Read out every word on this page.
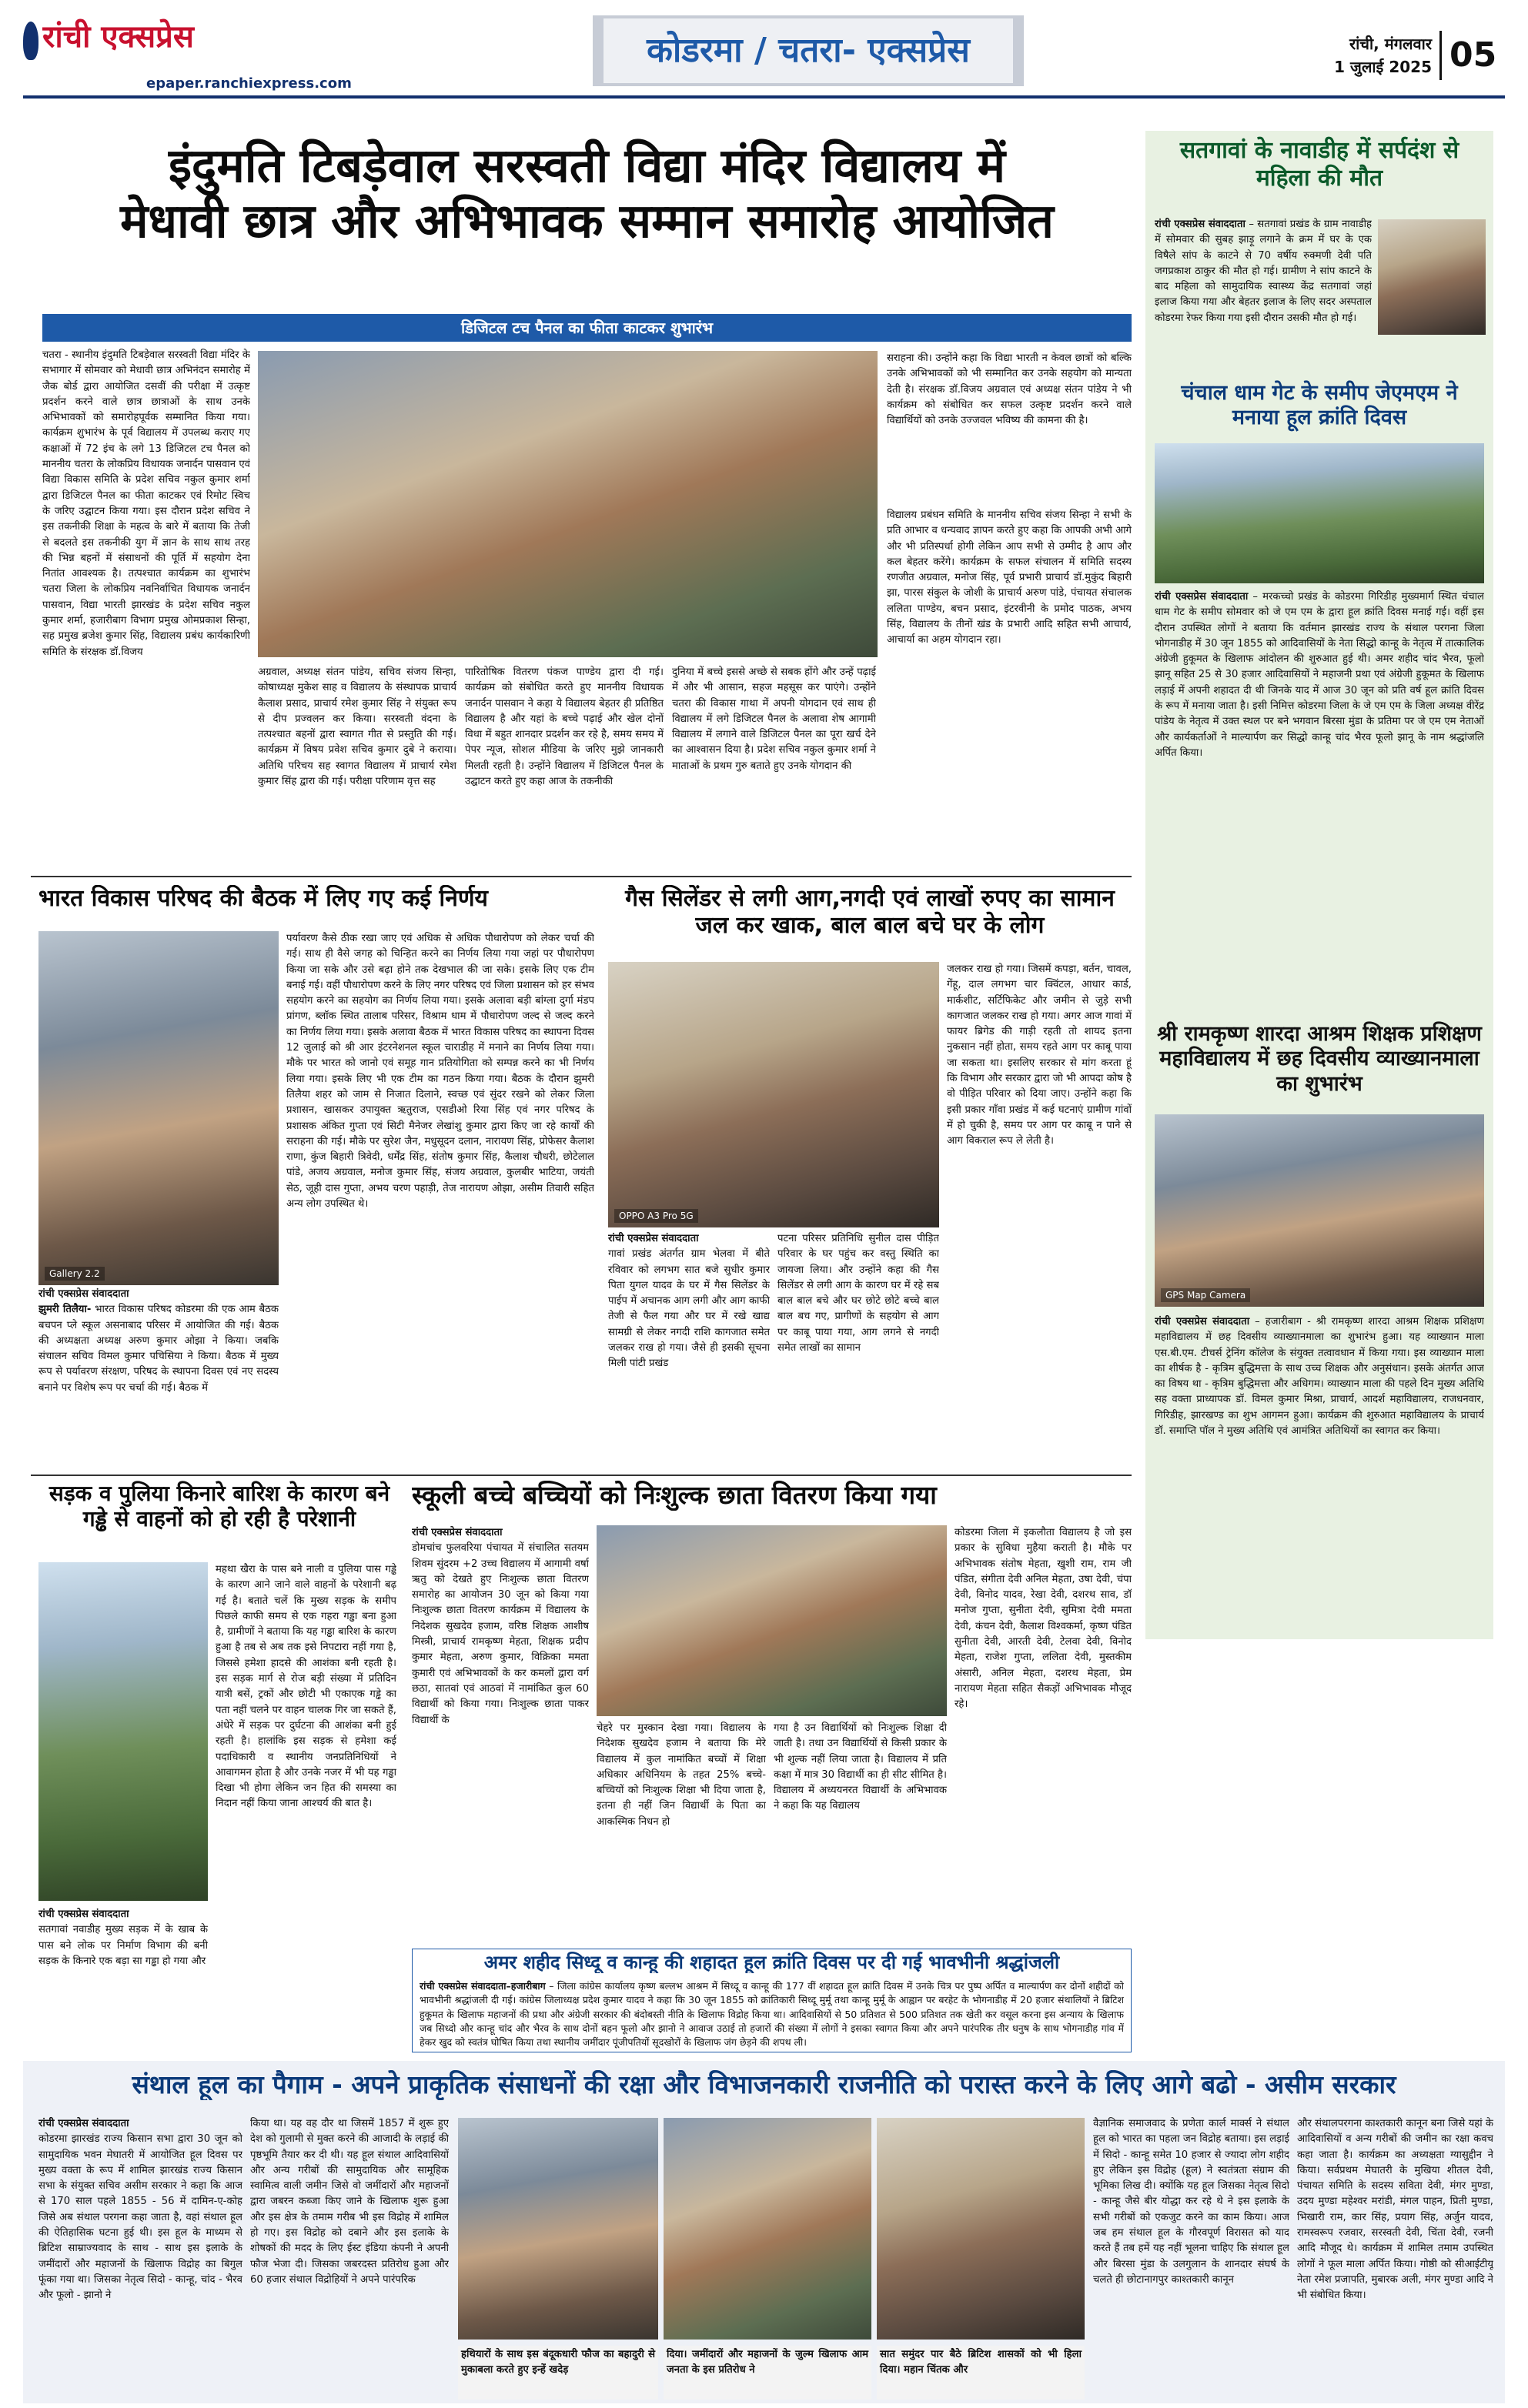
रांची एक्सप्रेस
epaper.ranchiexpress.com
कोडरमा / चतरा- एक्सप्रेस	रांची, मंगलवार
1 जुलाई 2025 05
इंदुमति टिबड़ेवाल सरस्वती विद्या मंदिर विद्यालय में
मेधावी छात्र और अभिभावक सम्मान समारोह आयोजित
डिजिटल टच पैनल का फीता काटकर शुभारंभ
चतरा - स्थानीय इंदुमति टिबड़ेवाल सरस्वती विद्या मंदिर के सभागार में सोमवार को मेधावी छात्र अभिनंदन समारोह में जैक बोर्ड द्वारा आयोजित दसवीं की परीक्षा में उत्कृष्ट प्रदर्शन करने वाले छात्र छात्राओं के साथ उनके अभिभावकों को समारोहपूर्वक सम्मानित किया गया। कार्यक्रम शुभारंभ के पूर्व विद्यालय में उपलब्ध कराए गए कक्षाओं में 72 इंच के लगे 13 डिजिटल टच पैनल को माननीय चतरा के लोकप्रिय विधायक जनार्दन पासवान एवं विद्या विकास समिति के प्रदेश सचिव नकुल कुमार शर्मा द्वारा डिजिटल पैनल का फीता काटकर एवं रिमोट स्विच के जरिए उद्घाटन किया गया। इस दौरान प्रदेश सचिव ने इस तकनीकी शिक्षा के महत्व के बारे में बताया कि तेजी से बदलते इस तकनीकी युग में ज्ञान के साथ साथ तरह की भिन्न बहनों में संसाधनों की पूर्ति में सहयोग देना नितांत आवश्यक है। तत्पश्चात कार्यक्रम का शुभारंभ चतरा जिला के लोकप्रिय नवनिर्वाचित विधायक जनार्दन पासवान, विद्या भारती झारखंड के प्रदेश सचिव नकुल कुमार शर्मा, हजारीबाग विभाग प्रमुख ओमप्रकाश सिन्हा, सह प्रमुख ब्रजेश कुमार सिंह, विद्यालय प्रबंध कार्यकारिणी समिति के संरक्षक डॉ.विजय
अग्रवाल, अध्यक्ष संतन पांडेय, सचिव संजय सिन्हा, कोषाध्यक्ष मुकेश साह व विद्यालय के संस्थापक प्राचार्य कैलाश प्रसाद, प्राचार्य रमेश कुमार सिंह ने संयुक्त रूप से दीप प्रज्वलन कर किया। सरस्वती वंदना के तत्पश्चात बहनों द्वारा स्वागत गीत से प्रस्तुति की गई। कार्यक्रम में विषय प्रवेश सचिव कुमार दुबे ने कराया। अतिथि परिचय सह स्वागत विद्यालय में प्राचार्य रमेश कुमार सिंह द्वारा की गई। परीक्षा परिणाम वृत्त सह
पारितोषिक वितरण पंकज पाण्डेय द्वारा दी गई। कार्यक्रम को संबोधित करते हुए माननीय विधायक जनार्दन पासवान ने कहा ये विद्यालय बेहतर ही प्रतिष्ठित विद्यालय है और यहां के बच्चे पढ़ाई और खेल दोनों विधा में बहुत शानदार प्रदर्शन कर रहे है, समय समय में पेपर न्यूज, सोशल मीडिया के जरिए मुझे जानकारी मिलती रहती है। उन्होंने विद्यालय में डिजिटल पैनल के उद्घाटन करते हुए कहा आज के तकनीकी
दुनिया में बच्चे इससे अच्छे से सबक होंगे और उन्हें पढ़ाई में और भी आसान, सहज महसूस कर पाएंगे। उन्होंने चतरा की विकास गाथा में अपनी योगदान एवं साथ ही विद्यालय में लगे डिजिटल पैनल के अलावा शेष आगामी विद्यालय में लगाने वाले डिजिटल पैनल का पूरा खर्च देने का आश्वासन दिया है। प्रदेश सचिव नकुल कुमार शर्मा ने माताओं के प्रथम गुरु बताते हुए उनके योगदान की
सराहना की। उन्होंने कहा कि विद्या भारती न केवल छात्रों को बल्कि उनके अभिभावकों को भी सम्मानित कर उनके सहयोग को मान्यता देती है। संरक्षक डॉ.विजय अग्रवाल एवं अध्यक्ष संतन पांडेय ने भी कार्यक्रम को संबोधित कर सफल उत्कृष्ट प्रदर्शन करने वाले विद्यार्थियों को उनके उज्जवल भविष्य की कामना की है।
विद्यालय प्रबंधन समिति के माननीय सचिव संजय सिन्हा ने सभी के प्रति आभार व धन्यवाद ज्ञापन करते हुए कहा कि आपकी अभी आगे और भी प्रतिस्पर्धा होगी लेकिन आप सभी से उम्मीद है आप और कल बेहतर करेंगे। कार्यक्रम के सफल संचालन में समिति सदस्य रणजीत अग्रवाल, मनोज सिंह, पूर्व प्रभारी प्राचार्य डॉ.मुकुंद बिहारी झा, पारस संकुल के जोशी के प्राचार्य अरुण पांडे, पंचायत संचालक ललिता पाण्डेय, बचन प्रसाद, इंटरवीनी के प्रमोद पाठक, अभय सिंह, विद्यालय के तीनों खंड के प्रभारी आदि सहित सभी आचार्य, आचार्या का अहम योगदान रहा।
सतगावां के नावाडीह में सर्पदंश से महिला की मौत
रांची एक्सप्रेस संवाददाता – सतगावां प्रखंड के ग्राम नावाडीह में सोमवार की सुबह झाड़ू लगाने के क्रम में घर के एक विषैले सांप के काटने से 70 वर्षीय रुक्मणी देवी पति जगप्रकाश ठाकुर की मौत हो गई। ग्रामीण ने सांप काटने के बाद महिला को सामुदायिक स्वास्थ्य केंद्र सतगावां जहां इलाज किया गया और बेहतर इलाज के लिए सदर अस्पताल कोडरमा रेफर किया गया इसी दौरान उसकी मौत हो गई।
चंचाल धाम गेट के समीप जेएमएम ने मनाया हूल क्रांति दिवस
रांची एक्सप्रेस संवाददाता – मरकच्चो प्रखंड के कोडरमा गिरिडीह मुख्यमार्ग स्थित चंचाल धाम गेट के समीप सोमवार को जे एम एम के द्वारा हूल क्रांति दिवस मनाई गई। वहीं इस दौरान उपस्थित लोगों ने बताया कि वर्तमान झारखंड राज्य के संथाल परगना जिला भोगनाडीह में 30 जून 1855 को आदिवासियों के नेता सिद्धो कान्हू के नेतृत्व में तात्कालिक अंग्रेजी हुकूमत के खिलाफ आंदोलन की शुरुआत हुई थी। अमर शहीद चांद भैरव, फूलो झानू सहित 25 से 30 हजार आदिवासियों ने महाजनी प्रथा एवं अंग्रेजी हुकूमत के खिलाफ लड़ाई में अपनी शहादत दी थी जिनके याद में आज 30 जून को प्रति वर्ष हूल क्रांति दिवस के रूप में मनाया जाता है। इसी निमित्त कोडरमा जिला के जे एम एम के जिला अध्यक्ष वीरेंद्र पांडेय के नेतृत्व में उक्त स्थल पर बने भगवान बिरसा मुंडा के प्रतिमा पर जे एम एम नेताओं और कार्यकर्ताओं ने माल्यार्पण कर सिद्धो कान्हू चांद भैरव फूलो झानू के नाम श्रद्धांजलि अर्पित किया।
श्री रामकृष्ण शारदा आश्रम शिक्षक प्रशिक्षण महाविद्यालय में छह दिवसीय व्याख्यानमाला का शुभारंभ
GPS Map Camera
रांची एक्सप्रेस संवाददाता – हजारीबाग - श्री रामकृष्ण शारदा आश्रम शिक्षक प्रशिक्षण महाविद्यालय में छह दिवसीय व्याख्यानमाला का शुभारंभ हुआ। यह व्याख्यान माला एस.बी.एम. टीचर्स ट्रेनिंग कॉलेज के संयुक्त तत्वावधान में किया गया। इस व्याख्यान माला का शीर्षक है - कृत्रिम बुद्धिमत्ता के साथ उच्च शिक्षक और अनुसंधान। इसके अंतर्गत आज का विषय था - कृत्रिम बुद्धिमत्ता और अधिगम। व्याख्यान माला की पहले दिन मुख्य अतिथि सह वक्ता प्राध्यापक डॉ. विमल कुमार मिश्रा, प्राचार्य, आदर्श महाविद्यालय, राजधनवार, गिरिडीह, झारखण्ड का शुभ आगमन हुआ। कार्यक्रम की शुरुआत महाविद्यालय के प्राचार्य डॉ. समाप्ति पॉल ने मुख्य अतिथि एवं आमंत्रित अतिथियों का स्वागत कर किया।
भारत विकास परिषद की बैठक में लिए गए कई निर्णय
Gallery 2.2
रांची एक्सप्रेस संवाददाता
झुमरी तिलैया- भारत विकास परिषद कोडरमा की एक आम बैठक बचपन प्ले स्कूल असनाबाद परिसर में आयोजित की गई। बैठक की अध्यक्षता अध्यक्ष अरुण कुमार ओझा ने किया। जबकि संचालन सचिव विमल कुमार पचिसिया ने किया। बैठक में मुख्य रूप से पर्यावरण संरक्षण, परिषद के स्थापना दिवस एवं नए सदस्य बनाने पर विशेष रूप पर चर्चा की गई। बैठक में
पर्यावरण कैसे ठीक रखा जाए एवं अधिक से अधिक पौधारोपण को लेकर चर्चा की गई। साथ ही वैसे जगह को चिन्हित करने का निर्णय लिया गया जहां पर पौधारोपण किया जा सके और उसे बढ़ा होने तक देखभाल की जा सके। इसके लिए एक टीम बनाई गई। वहीं पौधारोपण करने के लिए नगर परिषद एवं जिला प्रशासन को हर संभव सहयोग करने का सहयोग का निर्णय लिया गया। इसके अलावा बड़ी बांग्ला दुर्गा मंडप प्रांगण, ब्लॉक स्थित तालाब परिसर, विश्राम धाम में पौधारोपण जल्द से जल्द करने का निर्णय लिया गया। इसके अलावा बैठक में भारत विकास परिषद का स्थापना दिवस 12 जुलाई को श्री आर इंटरनेशनल स्कूल चाराडीह में मनाने का निर्णय लिया गया। मौके पर भारत को जानो एवं समूह गान प्रतियोगिता को सम्पन्न करने का भी निर्णय लिया गया। इसके लिए भी एक टीम का गठन किया गया। बैठक के दौरान झुमरी तिलैया शहर को जाम से निजात दिलाने, स्वच्छ एवं सुंदर रखने को लेकर जिला प्रशासन, खासकर उपायुक्त ऋतुराज, एसडीओ रिया सिंह एवं नगर परिषद के प्रशासक अंकित गुप्ता एवं सिटी मैनेजर लेखांशु कुमार द्वारा किए जा रहे कार्यों की सराहना की गई। मौके पर सुरेश जैन, मधुसूदन दलान, नारायण सिंह, प्रोफेसर कैलाश राणा, कुंज बिहारी त्रिवेदी, धर्मेंद्र सिंह, संतोष कुमार सिंह, कैलाश चौधरी, छोटेलाल पांडे, अजय अग्रवाल, मनोज कुमार सिंह, संजय अग्रवाल, कुलबीर भाटिया, जयंती सेठ, जूही दास गुप्ता, अभय चरण पहाड़ी, तेज नारायण ओझा, असीम तिवारी सहित अन्य लोग उपस्थित थे।
गैस सिलेंडर से लगी आग,नगदी एवं लाखों रुपए का सामान जल कर खाक, बाल बाल बचे घर के लोग
OPPO A3 Pro 5G
रांची एक्सप्रेस संवाददाता
गावां प्रखंड अंतर्गत ग्राम भेलवा में बीते रविवार को लगभग सात बजे सुधीर कुमार पिता युगल यादव के घर में गैस सिलेंडर के पाईप में अचानक आग लगी और आग काफी तेजी से फैल गया और घर में रखे खाद्य सामग्री से लेकर नगदी राशि कागजात समेत जलकर राख हो गया। जैसे ही इसकी सूचना मिली पांटी प्रखंड
पटना परिसर प्रतिनिधि सुनील दास पीड़ित परिवार के घर पहुंच कर वस्तु स्थिति का जायजा लिया। और उन्होंने कहा की गैस सिलेंडर से लगी आग के कारण घर में रहे सब बाल बाल बचे और घर छोटे छोटे बच्चे बाल बाल बच गए, प्रागीणों के सहयोग से आग पर काबू पाया गया, आग लगने से नगदी समेत लाखों का सामान
जलकर राख हो गया। जिसमें कपड़ा, बर्तन, चावल, गेंहू, दाल लगभग चार क्विंटल, आधार कार्ड, मार्कशीट, सर्टिफिकेट और जमीन से जुड़े सभी कागजात जलकर राख हो गया। अगर आज गावां में फायर ब्रिगेड की गाड़ी रहती तो शायद इतना नुकसान नहीं होता, समय रहते आग पर काबू पाया जा सकता था। इसलिए सरकार से मांग करता हूं कि विभाग और सरकार द्वारा जो भी आपदा कोष है वो पीड़ित परिवार को दिया जाए। उन्होंने कहा कि इसी प्रकार गाँवा प्रखंड में कई घटनाएं ग्रामीण गांवों में हो चुकी है, समय पर आग पर काबू न पाने से आग विकराल रूप ले लेती है।
सड़क व पुलिया किनारे बारिश के कारण बने गड्ढे से वाहनों को हो रही है परेशानी
रांची एक्सप्रेस संवाददाता
सतगावां नवाडीह मुख्य सड़क में के खाब के पास बने लोक पर निर्माण विभाग की बनी सड़क के किनारे एक बड़ा सा गड्ढा हो गया और
महथा खैरा के पास बने नाली व पुलिया पास गड्ढे के कारण आने जाने वाले वाहनों के परेशानी बढ़ गई है। बताते चलें कि मुख्य सड़क के समीप पिछले काफी समय से एक गहरा गड्ढा बना हुआ है, ग्रामीणों ने बताया कि यह गड्ढा बारिश के कारण हुआ है तब से अब तक इसे निपटारा नहीं गया है, जिससे हमेशा हादसे की आशंका बनी रहती है। इस सड़क मार्ग से रोज बड़ी संख्या में प्रतिदिन यात्री बसें, ट्रकों और छोटी भी एकाएक गड्ढे का पता नहीं चलने पर वाहन चालक गिर जा सकते हैं, अंधेरे में सड़क पर दुर्घटना की आशंका बनी हुई रहती है। हालांकि इस सड़क से हमेशा कई पदाधिकारी व स्थानीय जनप्रतिनिधियों ने आवागमन होता है और उनके नजर में भी यह गड्ढा दिखा भी होगा लेकिन जन हित की समस्या का निदान नहीं किया जाना आश्चर्य की बात है।
स्कूली बच्चे बच्चियों को निःशुल्क छाता वितरण किया गया
रांची एक्सप्रेस संवाददाता
डोमचांच फुलवरिया पंचायत में संचालित सतयम शिवम सुंदरम +2 उच्च विद्यालय में आगामी वर्षा ऋतु को देखते हुए निःशुल्क छाता वितरण समारोह का आयोजन 30 जून को किया गया निःशुल्क छाता वितरण कार्यक्रम में विद्यालय के निदेशक सुखदेव हजाम, वरिष्ठ शिक्षक आशीष मिस्त्री, प्राचार्य रामकृष्ण मेहता, शिक्षक प्रदीप कुमार मेहता, अरुण कुमार, विक्रिका ममता कुमारी एवं अभिभावकों के कर कमलों द्वारा वर्ग छठा, सातवां एवं आठवां में नामांकित कुल 60 विद्यार्थी को किया गया। निःशुल्क छाता पाकर विद्यार्थी के
चेहरे पर मुस्कान देखा गया। विद्यालय के निदेशक सुखदेव हजाम ने बताया कि मेरे विद्यालय में कुल नामांकित बच्चों में शिक्षा अधिकार अधिनियम के तहत 25% बच्चे-बच्चियों को निःशुल्क शिक्षा भी दिया जाता है, इतना ही नहीं जिन विद्यार्थी के पिता का आकस्मिक निधन हो
गया है उन विद्यार्थियों को निःशुल्क शिक्षा दी जाती है। तथा उन विद्यार्थियों से किसी प्रकार के भी शुल्क नहीं लिया जाता है। विद्यालय में प्रति कक्षा में मात्र 30 विद्यार्थी का ही सीट सीमित है। विद्यालय में अध्ययनरत विद्यार्थी के अभिभावक ने कहा कि यह विद्यालय
कोडरमा जिला में इकलौता विद्यालय है जो इस प्रकार के सुविधा मुहैया कराती है। मौके पर अभिभावक संतोष मेहता, खुशी राम, राम जी पंडित, संगीता देवी अनिल मेहता, उषा देवी, चंपा देवी, विनोद यादव, रेखा देवी, दशरथ साव, डॉ मनोज गुप्ता, सुनीता देवी, सुमित्रा देवी ममता देवी, कंचन देवी, कैलाश विश्वकर्मा, कृष्ण पंडित सुनीता देवी, आरती देवी, टेलवा देवी, विनोद मेहता, राजेश गुप्ता, ललिता देवी, मुस्तकीम अंसारी, अनिल मेहता, दशरथ मेहता, प्रेम नारायण मेहता सहित सैकड़ों अभिभावक मौजूद रहे।
अमर शहीद सिध्दू व कान्हू की शहादत हूल क्रांति दिवस पर दी गई भावभीनी श्रद्धांजली
रांची एक्सप्रेस संवाददाता–हजारीबाग – जिला कांग्रेस कार्यालय कृष्ण बल्लभ आश्रम में सिध्दू व कान्हू की 177 वीं शहादत हूल क्रांति दिवस में उनके चित्र पर पुष्प अर्पित व माल्यार्पण कर दोनों शहीदों को भावभीनी श्रद्धांजली दी गई। कांग्रेस जिलाध्यक्ष प्रदेश कुमार यादव ने कहा कि 30 जून 1855 को क्रांतिकारी सिध्दू मुर्मू तथा कान्हू मुर्मू के आह्वान पर बरहेट के भोगनाडीह में 20 हजार संथालियों ने ब्रिटिश हुकूमत के खिलाफ महाजनों की प्रथा और अंग्रेजी सरकार की बंदोबस्ती नीति के खिलाफ विद्रोह किया था। आदिवासियों से 50 प्रतिशत से 500 प्रतिशत तक खेती कर वसूल करना इस अन्याय के खिलाफ जब सिध्दो और कान्हू चांद और भैरव के साथ दोनों बहन फूलो और झानो ने आवाज उठाई तो हजारों की संख्या में लोगों ने इसका स्वागत किया और अपने पारंपरिक तीर धनुष के साथ भोगनाडीह गांव में हेकर खुद को स्वतंत्र घोषित किया तथा स्थानीय जमींदार पूंजीपतियों सूदखोरों के खिलाफ जंग छेड़ने की शपथ ली।
संथाल हूल का पैगाम - अपने प्राकृतिक संसाधनों की रक्षा और विभाजनकारी राजनीति को परास्त करने के लिए आगे बढो - असीम सरकार
रांची एक्सप्रेस संवाददाता
कोडरमा झारखंड राज्य किसान सभा द्वारा 30 जून को सामुदायिक भवन मेघातरी में आयोजित हूल दिवस पर मुख्य वक्ता के रूप में शामिल झारखंड राज्य किसान सभा के संयुक्त सचिव असीम सरकार ने कहा कि आज से 170 साल पहले 1855 - 56 में दामिन-ए-कोह जिसे अब संथाल परगना कहा जाता है, वहां संथाल हूल की ऐतिहासिक घटना हुई थी। इस हूल के माध्यम से ब्रिटिश साम्राज्यवाद के साथ - साथ इस इलाके के जमींदारों और महाजनों के खिलाफ विद्रोह का बिगुल फूंका गया था। जिसका नेतृत्व सिदो - कान्हू, चांद - भैरव और फूलो - झानो ने
किया था। यह वह दौर था जिसमें 1857 में शुरू हुए देश को गुलामी से मुक्त करने की आजादी के लड़ाई की पृष्ठभूमि तैयार कर दी थी। यह हूल संथाल आदिवासियों और अन्य गरीबों की सामुदायिक और सामूहिक स्वामित्व वाली जमीन जिसे वो जमींदारों और महाजनों द्वारा जबरन कब्जा किए जाने के खिलाफ शुरू हुआ और इस क्षेत्र के तमाम गरीब भी इस विद्रोह में शामिल हो गए। इस विद्रोह को दबाने और इस इलाके के शोषकों की मदद के लिए ईस्ट इंडिया कंपनी ने अपनी फौज भेजा दी। जिसका जबरदस्त प्रतिरोध हुआ और 60 हजार संथाल विद्रोहियों ने अपने पारंपरिक
हथियारों के साथ इस बंदूकधारी फौज का बहादुरी से मुकाबला करते हुए इन्हें खदेड़
दिया। जमींदारों और महाजनों के जुल्म खिलाफ आम जनता के इस प्रतिरोध ने
सात समुंदर पार बैठे ब्रिटिश शासकों को भी हिला दिया। महान चिंतक और
वैज्ञानिक समाजवाद के प्रणेता कार्ल मार्क्स ने संथाल हूल को भारत का पहला जन विद्रोह बताया। इस लड़ाई में सिदो - कान्हू समेत 10 हजार से ज्यादा लोग शहीद हुए लेकिन इस विद्रोह (हूल) ने स्वतंत्रता संग्राम की भूमिका लिख दी। क्योंकि यह हूल जिसका नेतृत्व सिदो - कान्हू जैसे बीर योद्धा कर रहे थे ने इस इलाके के सभी गरीबों को एकजुट करने का काम किया। आज जब हम संथाल हूल के गौरवपूर्ण विरासत को याद करते हैं तब हमें यह नहीं भूलना चाहिए कि संथाल हूल और बिरसा मुंडा के उलगुलान के शानदार संघर्ष के चलते ही छोटानागपुर काश्तकारी कानून
और संथालपरगना काश्तकारी कानून बना जिसे यहां के आदिवासियों व अन्य गरीबों की जमीन का रक्षा कवच कहा जाता है। कार्यक्रम का अध्यक्षता ग्यासुद्दीन ने किया। सर्वप्रथम मेघातरी के मुखिया शीतल देवी, पंचायत समिति के सदस्य सविता देवी, मंगर मुण्डा, उदय मुण्डा महेश्वर मरांडी, मंगल पाहन, प्रिती मुण्डा, भिखारी राम, कार सिंह, प्रयाग सिंह, अर्जुन यादव, रामस्वरूप रजवार, सरस्वती देवी, चिंता देवी, रजनी आदि मौजूद थे। कार्यक्रम में शामिल तमाम उपस्थित लोगों ने फूल माला अर्पित किया। गोष्ठी को सीआईटीयू नेता रमेश प्रजापति, मुबारक अली, मंगर मुण्डा आदि ने भी संबोधित किया।
